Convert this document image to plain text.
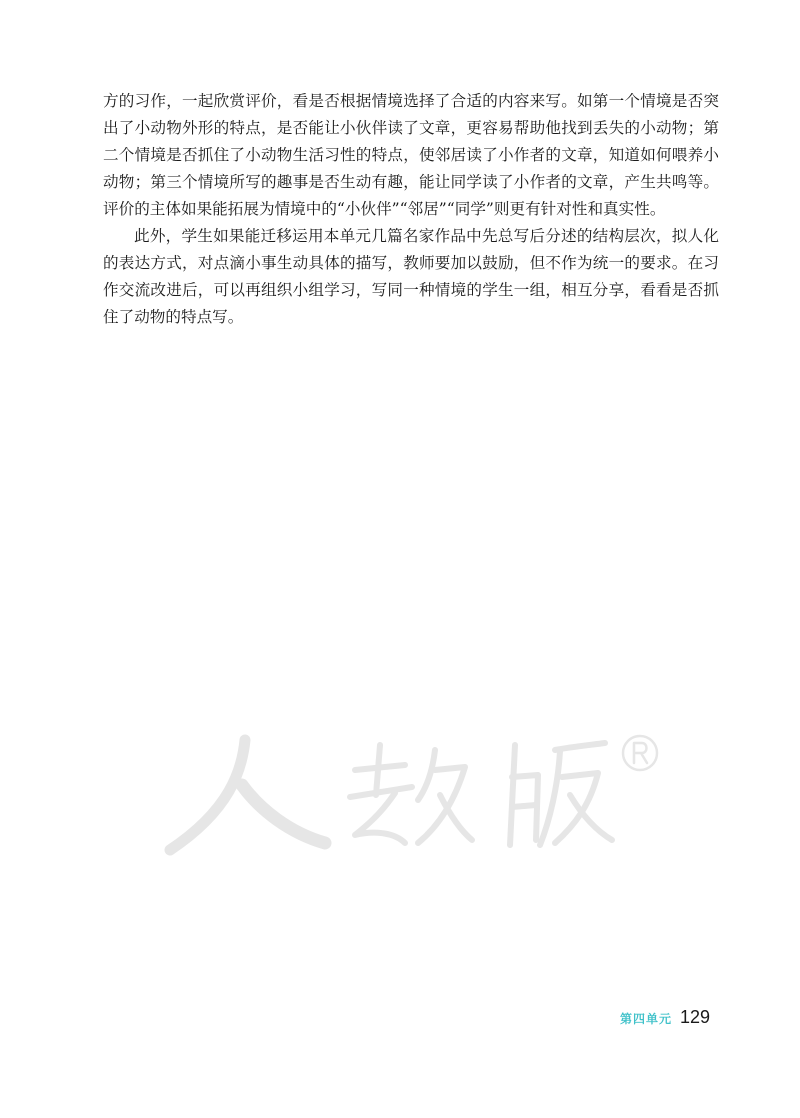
方的习作，一起欣赏评价，看是否根据情境选择了合适的内容来写。如第一个情境是否突
出了小动物外形的特点，是否能让小伙伴读了文章，更容易帮助他找到丢失的小动物；第
二个情境是否抓住了小动物生活习性的特点，使邻居读了小作者的文章，知道如何喂养小
动物；第三个情境所写的趣事是否生动有趣，能让同学读了小作者的文章，产生共鸣等。
评价的主体如果能拓展为情境中的“小伙伴”“邻居”“同学”则更有针对性和真实性。
此外，学生如果能迁移运用本单元几篇名家作品中先总写后分述的结构层次，拟人化
的表达方式，对点滴小事生动具体的描写，教师要加以鼓励，但不作为统一的要求。在习
作交流改进后，可以再组织小组学习，写同一种情境的学生一组，相互分享，看看是否抓
住了动物的特点写。
第四单元 129
